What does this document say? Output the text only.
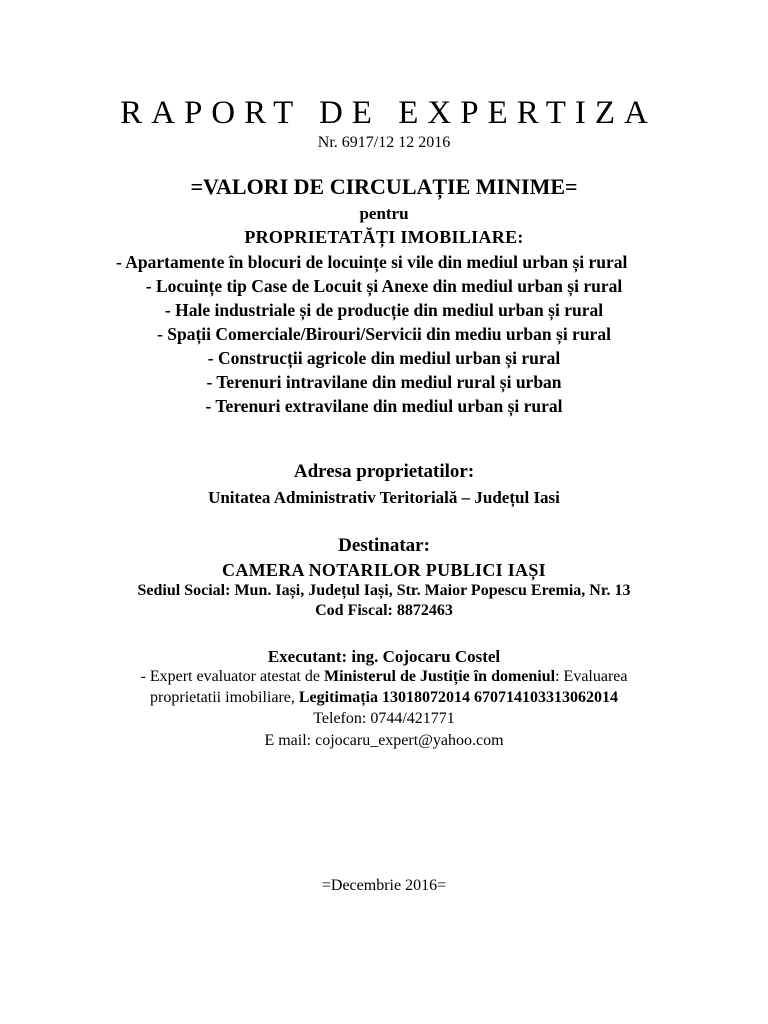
RAPORT DE EXPERTIZA
Nr. 6917/12 12 2016
=VALORI DE CIRCULAȚIE MINIME=
pentru
PROPRIETATĂȚI IMOBILIARE:
- Apartamente în blocuri de locuințe si vile din mediul urban și rural
- Locuințe tip Case de Locuit și Anexe din mediul urban și rural
- Hale industriale și de producție din mediul urban și rural
- Spații Comerciale/Birouri/Servicii din mediu urban și rural
- Construcții agricole din mediul urban și rural
- Terenuri intravilane din mediul rural și urban
- Terenuri extravilane din mediul urban și rural
Adresa proprietatilor:
Unitatea Administrativ Teritorială – Județul Iasi
Destinatar:
CAMERA NOTARILOR PUBLICI IAȘI
Sediul Social: Mun. Iași, Județul Iași, Str. Maior Popescu Eremia, Nr. 13
Cod Fiscal: 8872463
Executant: ing. Cojocaru Costel
- Expert evaluator atestat de Ministerul de Justiție în domeniul: Evaluarea
proprietatii imobiliare, Legitimația 13018072014 670714103313062014
Telefon: 0744/421771
E mail: cojocaru_expert@yahoo.com
=Decembrie 2016=
